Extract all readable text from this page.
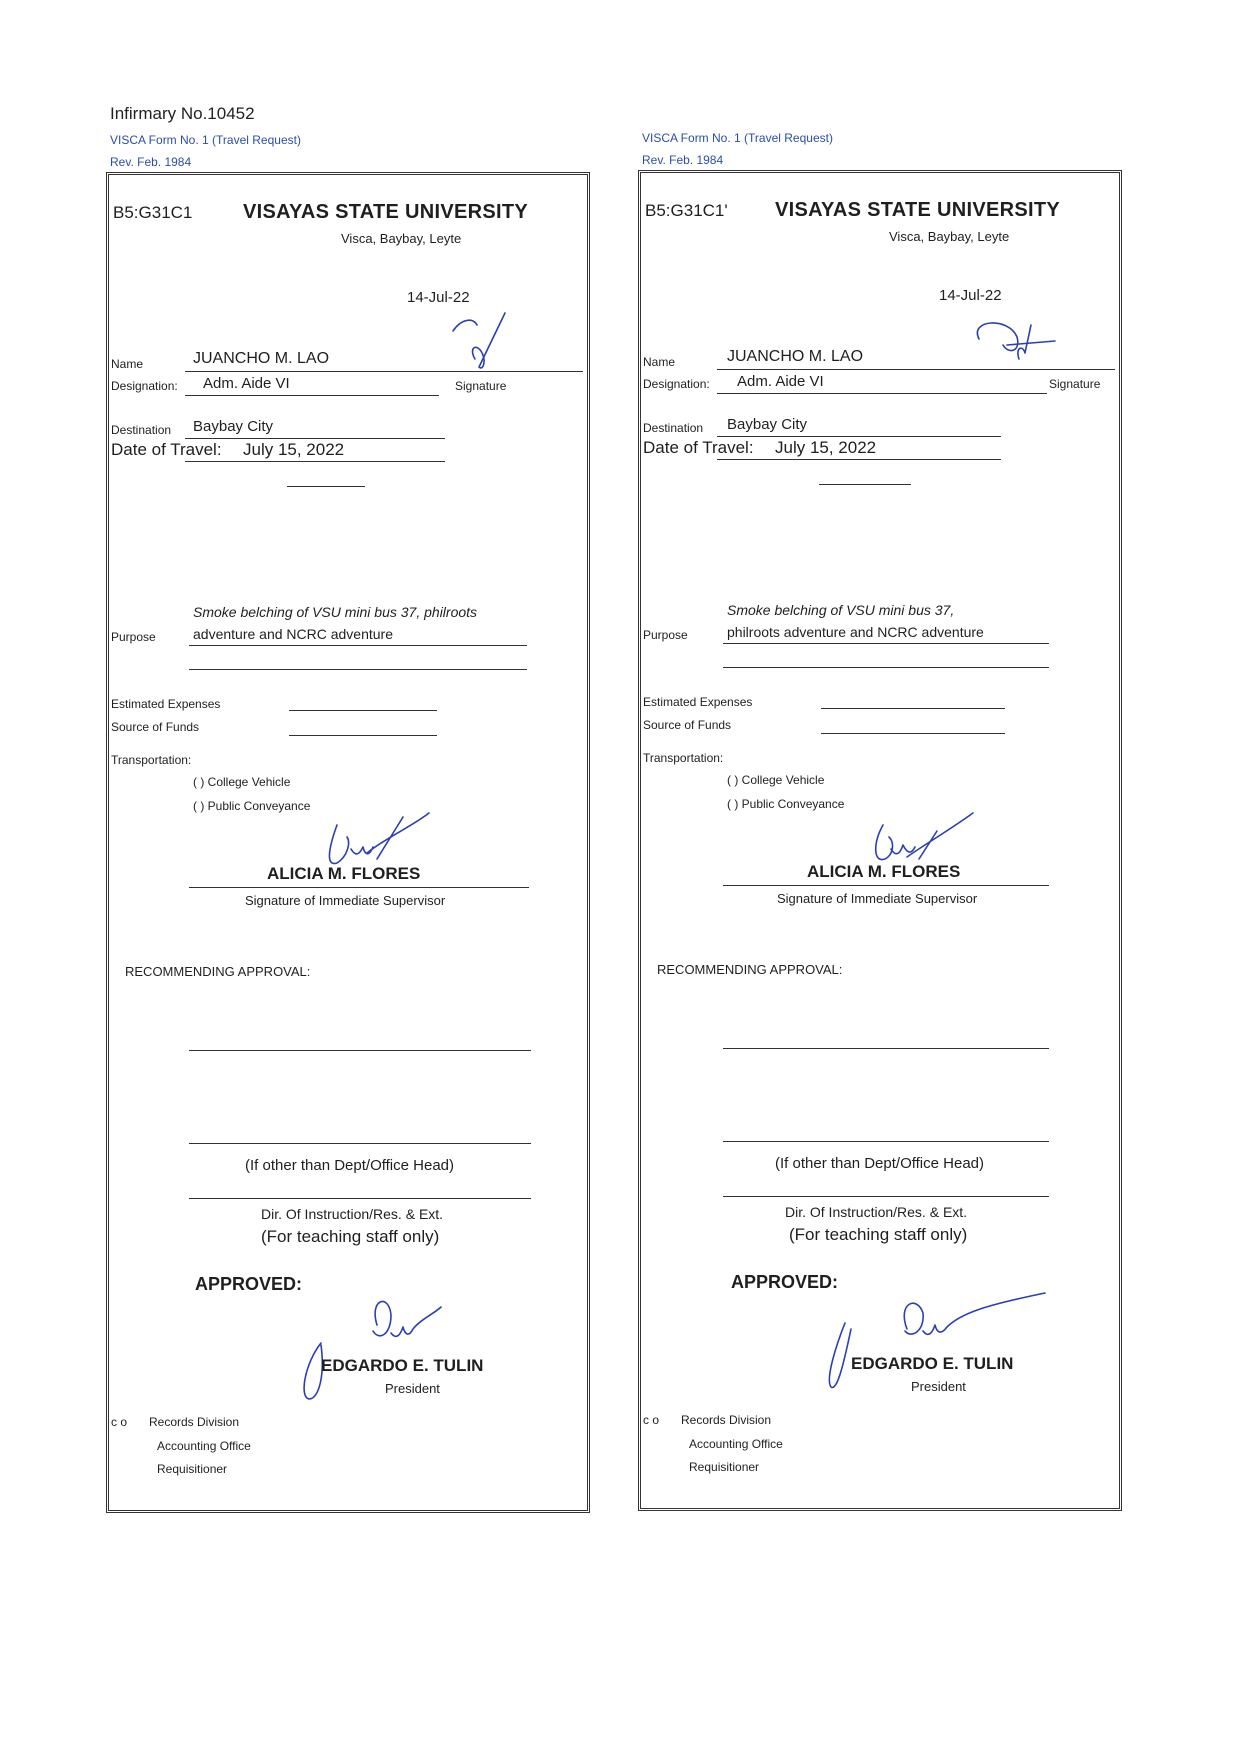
Infirmary No.10452
VISCA Form No. 1 (Travel Request)
Rev. Feb. 1984
B5:G31C1	VISAYAS STATE UNIVERSITY
Visca, Baybay, Leyte
14-Jul-22
Name	JUANCHO M. LAO
Designation: Adm. Aide VI	Signature
Destination Baybay City
Date of Travel: July 15, 2022
Smoke belching of VSU mini bus 37, philroots
Purpose	adventure and NCRC adventure
Estimated Expenses
Source of Funds
Transportation:
( ) College Vehicle
( ) Public Conveyance
ALICIA M. FLORES
Signature of Immediate Supervisor
RECOMMENDING APPROVAL:
(If other than Dept/Office Head)
Dir. Of Instruction/Res. & Ext.
(For teaching staff only)
APPROVED:
EDGARDO E. TULIN
President
c o Records Division
Accounting Office
Requisitioner
VISCA Form No. 1 (Travel Request)
Rev. Feb. 1984
B5:G31C1' VISAYAS STATE UNIVERSITY
Visca, Baybay, Leyte
14-Jul-22
Name	JUANCHO M. LAO
Designation: Adm. Aide VI	Signature
Destination Baybay City
Date of Travel: July 15, 2022
Smoke belching of VSU mini bus 37,
Purpose	philroots adventure and NCRC adventure
Estimated Expenses
Source of Funds
Transportation:
( ) College Vehicle
( ) Public Conveyance
ALICIA M. FLORES
Signature of Immediate Supervisor
RECOMMENDING APPROVAL:
(If other than Dept/Office Head)
Dir. Of Instruction/Res. & Ext.
(For teaching staff only)
APPROVED:
EDGARDO E. TULIN
President
c o Records Division
Accounting Office
Requisitioner
